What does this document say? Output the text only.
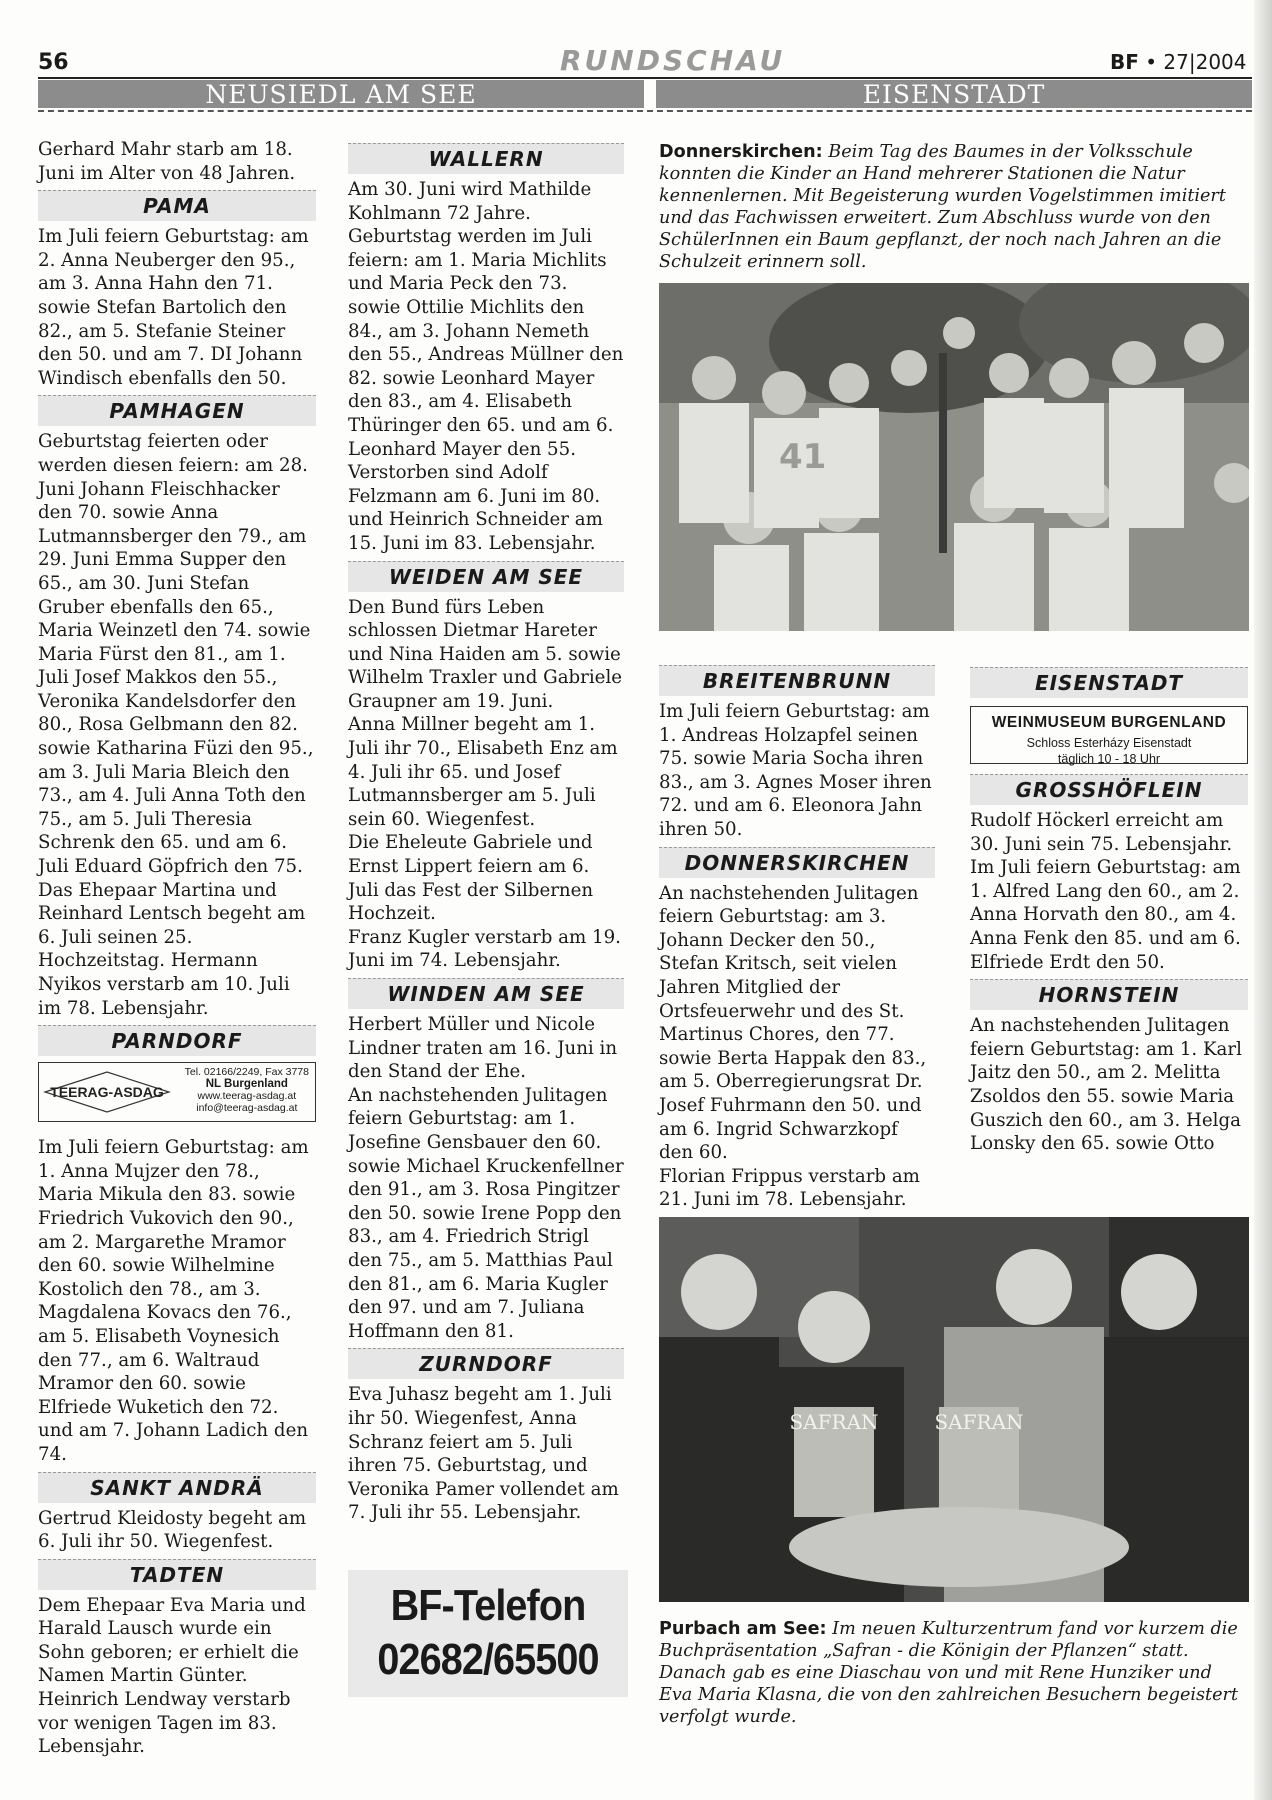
56	RUNDSCHAU	BF • 27|2004
NEUSIEDL AM SEE	EISENSTADT

Gerhard Mahr starb am 18. Juni im Alter von 48 Jahren.

PAMA

Im Juli feiern Geburtstag: am 2. Anna Neuberger den 95., am 3. Anna Hahn den 71. sowie Stefan Bartolich den 82., am 5. Stefanie Steiner den 50. und am 7. DI Johann Windisch ebenfalls den 50.

PAMHAGEN

Geburtstag feierten oder werden diesen feiern: am 28. Juni Johann Fleischhacker den 70. sowie Anna Lutmannsberger den 79., am 29. Juni Emma Supper den 65., am 30. Juni Stefan Gruber ebenfalls den 65., Maria Weinzetl den 74. sowie Maria Fürst den 81., am 1. Juli Josef Makkos den 55., Veronika Kandelsdorfer den 80., Rosa Gelbmann den 82. sowie Katharina Füzi den 95., am 3. Juli Maria Bleich den 73., am 4. Juli Anna Toth den 75., am 5. Juli Theresia Schrenk den 65. und am 6. Juli Eduard Göpfrich den 75. Das Ehepaar Martina und Reinhard Lentsch begeht am 6. Juli seinen 25. Hochzeitstag. Hermann Nyikos verstarb am 10. Juli im 78. Lebensjahr.

PARNDORF
TEERAG-ASDAG
Tel. 02166/2249, Fax 3778
NL Burgenland
www.teerag-asdag.at
info@teerag-asdag.at

Im Juli feiern Geburtstag: am 1. Anna Mujzer den 78., Maria Mikula den 83. sowie Friedrich Vukovich den 90., am 2. Margarethe Mramor den 60. sowie Wilhelmine Kostolich den 78., am 3. Magdalena Kovacs den 76., am 5. Elisabeth Voynesich den 77., am 6. Waltraud Mramor den 60. sowie Elfriede Wuketich den 72. und am 7. Johann Ladich den 74.

SANKT ANDRÄ

Gertrud Kleidosty begeht am 6. Juli ihr 50. Wiegenfest.

TADTEN

Dem Ehepaar Eva Maria und Harald Lausch wurde ein Sohn geboren; er erhielt die Namen Martin Günter.

Heinrich Lendway verstarb vor wenigen Tagen im 83. Lebensjahr.

WALLERN

Am 30. Juni wird Mathilde Kohlmann 72 Jahre.

Geburtstag werden im Juli feiern: am 1. Maria Michlits und Maria Peck den 73. sowie Ottilie Michlits den 84., am 3. Johann Nemeth den 55., Andreas Müllner den 82. sowie Leonhard Mayer den 83., am 4. Elisabeth Thüringer den 65. und am 6. Leonhard Mayer den 55.

Verstorben sind Adolf Felzmann am 6. Juni im 80. und Heinrich Schneider am 15. Juni im 83. Lebensjahr.

WEIDEN AM SEE

Den Bund fürs Leben schlossen Dietmar Hareter und Nina Haiden am 5. sowie Wilhelm Traxler und Gabriele Graupner am 19. Juni.

Anna Millner begeht am 1. Juli ihr 70., Elisabeth Enz am 4. Juli ihr 65. und Josef Lutmannsberger am 5. Juli sein 60. Wiegenfest.

Die Eheleute Gabriele und Ernst Lippert feiern am 6. Juli das Fest der Silbernen Hochzeit.

Franz Kugler verstarb am 19. Juni im 74. Lebensjahr.

WINDEN AM SEE

Herbert Müller und Nicole Lindner traten am 16. Juni in den Stand der Ehe.

An nachstehenden Julitagen feiern Geburtstag: am 1. Josefine Gensbauer den 60. sowie Michael Kruckenfellner den 91., am 3. Rosa Pingitzer den 50. sowie Irene Popp den 83., am 4. Friedrich Strigl den 75., am 5. Matthias Paul den 81., am 6. Maria Kugler den 97. und am 7. Juliana Hoffmann den 81.

ZURNDORF

Eva Juhasz begeht am 1. Juli ihr 50. Wiegenfest, Anna Schranz feiert am 5. Juli ihren 75. Geburtstag, und Veronika Pamer vollendet am 7. Juli ihr 55. Lebensjahr.

BF-Telefon
02682/65500
Donnerskirchen: Beim Tag des Baumes in der Volksschule konnten die Kinder an Hand mehrerer Stationen die Natur kennenlernen. Mit Begeisterung wurden Vogelstimmen imitiert und das Fachwissen erweitert. Zum Abschluss wurde von den SchülerInnen ein Baum gepflanzt, der noch nach Jahren an die Schulzeit erinnern soll.
41
BREITENBRUNN

Im Juli feiern Geburtstag: am 1. Andreas Holzapfel seinen 75. sowie Maria Socha ihren 83., am 3. Agnes Moser ihren 72. und am 6. Eleonora Jahn ihren 50.

DONNERSKIRCHEN

An nachstehenden Julitagen feiern Geburtstag: am 3. Johann Decker den 50., Stefan Kritsch, seit vielen Jahren Mitglied der Ortsfeuerwehr und des St. Martinus Chores, den 77. sowie Berta Happak den 83., am 5. Oberregierungsrat Dr. Josef Fuhrmann den 50. und am 6. Ingrid Schwarzkopf den 60.

Florian Frippus verstarb am 21. Juni im 78. Lebensjahr.

EISENSTADT
WEINMUSEUM BURGENLAND
Schloss Esterházy Eisenstadt
täglich 10 - 18 Uhr
GROSSHÖFLEIN

Rudolf Höckerl erreicht am 30. Juni sein 75. Lebensjahr.

Im Juli feiern Geburtstag: am 1. Alfred Lang den 60., am 2. Anna Horvath den 80., am 4. Anna Fenk den 85. und am 6. Elfriede Erdt den 50.

HORNSTEIN

An nachstehenden Julitagen feiern Geburtstag: am 1. Karl Jaitz den 50., am 2. Melitta Zsoldos den 55. sowie Maria Guszich den 60., am 3. Helga Lonsky den 65. sowie Otto

SAFRAN	SAFRAN
Purbach am See: Im neuen Kulturzentrum fand vor kurzem die Buchpräsentation „Safran - die Königin der Pflanzen“ statt. Danach gab es eine Diaschau von und mit Rene Hunziker und Eva Maria Klasna, die von den zahlreichen Besuchern begeistert verfolgt wurde.
